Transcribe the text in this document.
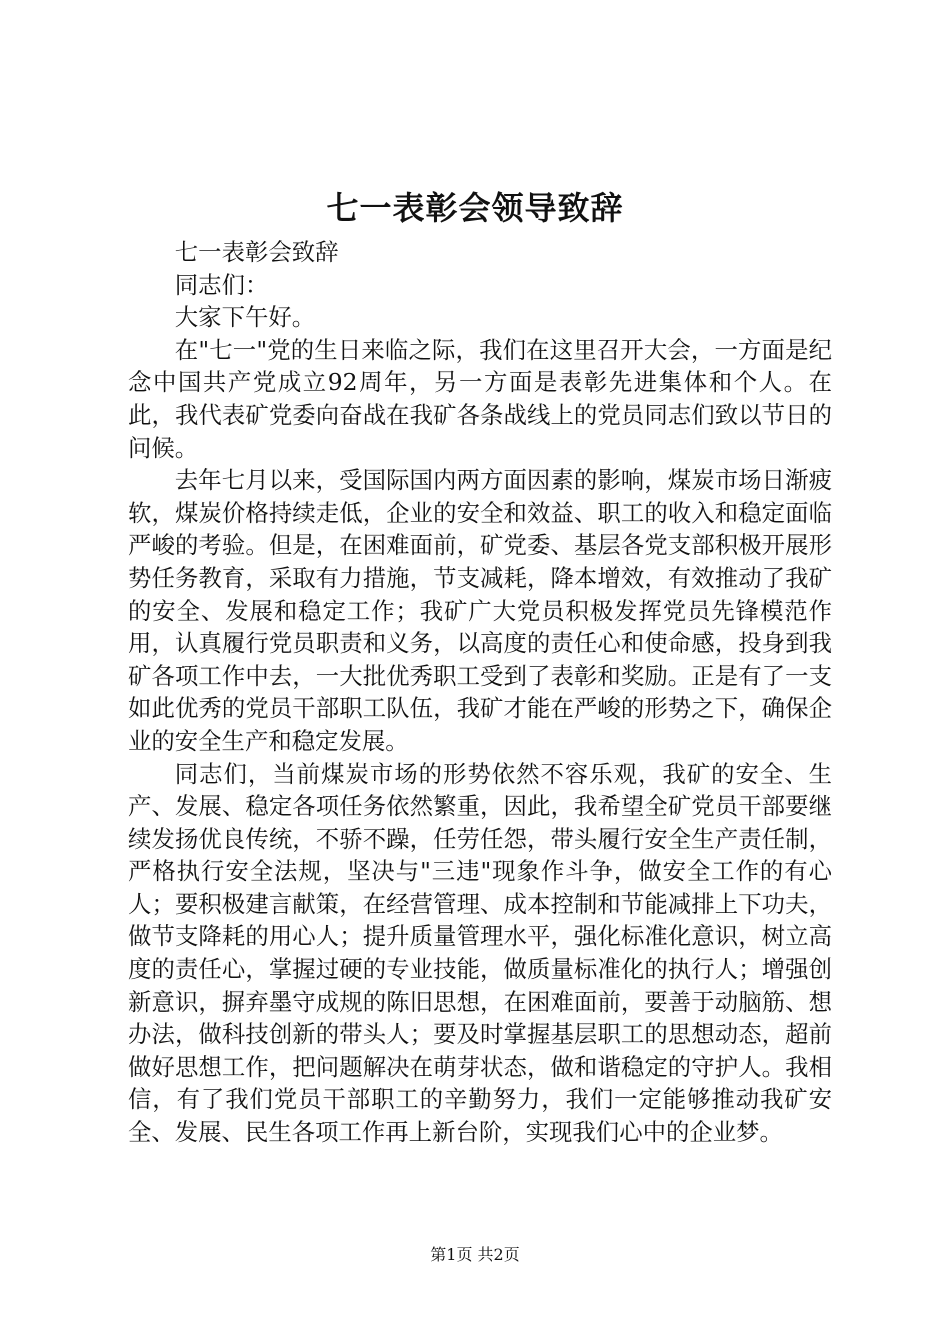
七一表彰会领导致辞

七一表彰会致辞

同志们：

大家下午好。

在"七一"党的生日来临之际，我们在这里召开大会，一方面是纪念中国共产党成立92周年，另一方面是表彰先进集体和个人。在此，我代表矿党委向奋战在我矿各条战线上的党员同志们致以节日的问候。

去年七月以来，受国际国内两方面因素的影响，煤炭市场日渐疲软，煤炭价格持续走低，企业的安全和效益、职工的收入和稳定面临严峻的考验。但是，在困难面前，矿党委、基层各党支部积极开展形势任务教育，采取有力措施，节支减耗，降本增效，有效推动了我矿的安全、发展和稳定工作；我矿广大党员积极发挥党员先锋模范作用，认真履行党员职责和义务，以高度的责任心和使命感，投身到我矿各项工作中去，一大批优秀职工受到了表彰和奖励。正是有了一支如此优秀的党员干部职工队伍，我矿才能在严峻的形势之下，确保企业的安全生产和稳定发展。

同志们，当前煤炭市场的形势依然不容乐观，我矿的安全、生产、发展、稳定各项任务依然繁重，因此，我希望全矿党员干部要继续发扬优良传统，不骄不躁，任劳任怨，带头履行安全生产责任制，严格执行安全法规，坚决与"三违"现象作斗争，做安全工作的有心人；要积极建言献策，在经营管理、成本控制和节能减排上下功夫，做节支降耗的用心人；提升质量管理水平，强化标准化意识，树立高度的责任心，掌握过硬的专业技能，做质量标准化的执行人；增强创新意识，摒弃墨守成规的陈旧思想，在困难面前，要善于动脑筋、想办法，做科技创新的带头人；要及时掌握基层职工的思想动态，超前做好思想工作，把问题解决在萌芽状态，做和谐稳定的守护人。我相信，有了我们党员干部职工的辛勤努力，我们一定能够推动我矿安全、发展、民生各项工作再上新台阶，实现我们心中的企业梦。

第1页 共2页
